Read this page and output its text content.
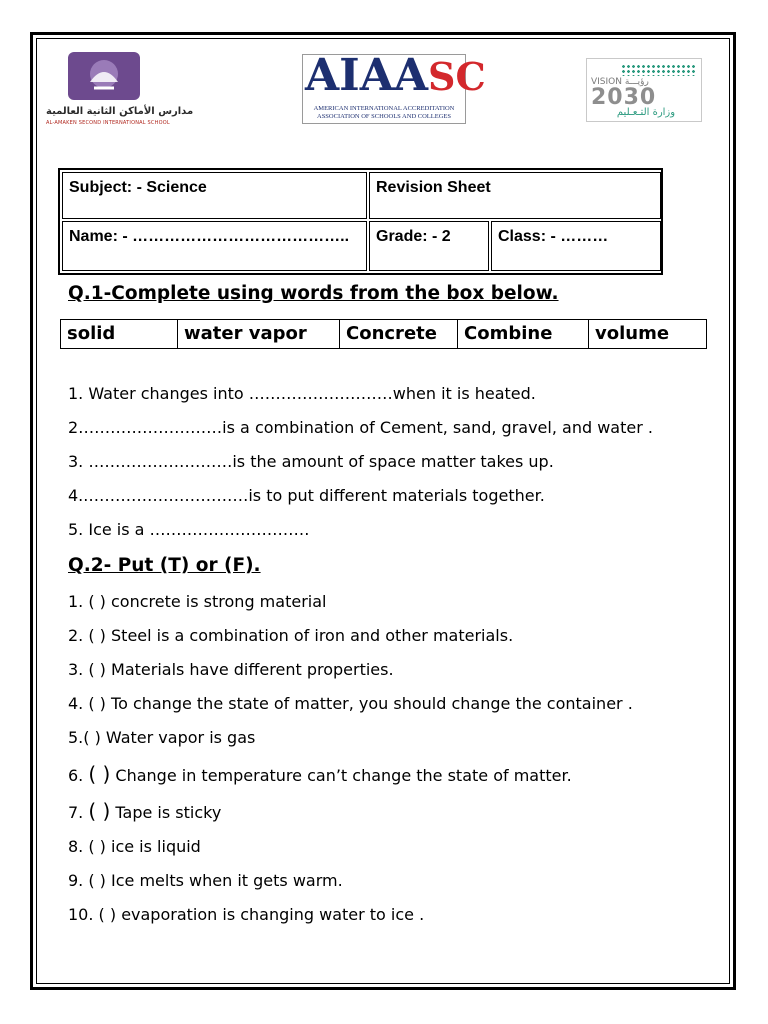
مدارس الأماكن الثانية العالمية
AL-AMAKEN SECOND INTERNATIONAL SCHOOL
AIAASC
AMERICAN INTERNATIONAL ACCREDITATION
ASSOCIATION OF SCHOOLS AND COLLEGES
VISION رؤيـــة
2030
وزارة التـعـليم
Subject: - Science	Revision Sheet
Name: - …………………………………..	Grade: - 2	Class: - ………
Q.1-Complete using words from the box below.
solid	water vapor	Concrete	Combine	volume
1. Water changes into ………………………when it is heated.
2………………………is a combination of Cement, sand, gravel, and water .
3. ………………………is the amount of space matter takes up.
4..…………………………is to put different materials together.
5. Ice is a …………………………
Q.2- Put (T) or (F).
1. ( ) concrete is strong material
2. ( ) Steel is a combination of iron and other materials.
3. ( ) Materials have different properties.
4. ( ) To change the state of matter, you should change the container .
5.( ) Water vapor is gas
6. ( ) Change in temperature can’t change the state of matter.
7. ( ) Tape is sticky
8. ( ) ice is liquid
9. ( ) Ice melts when it gets warm.
10. ( ) evaporation is changing water to ice .
